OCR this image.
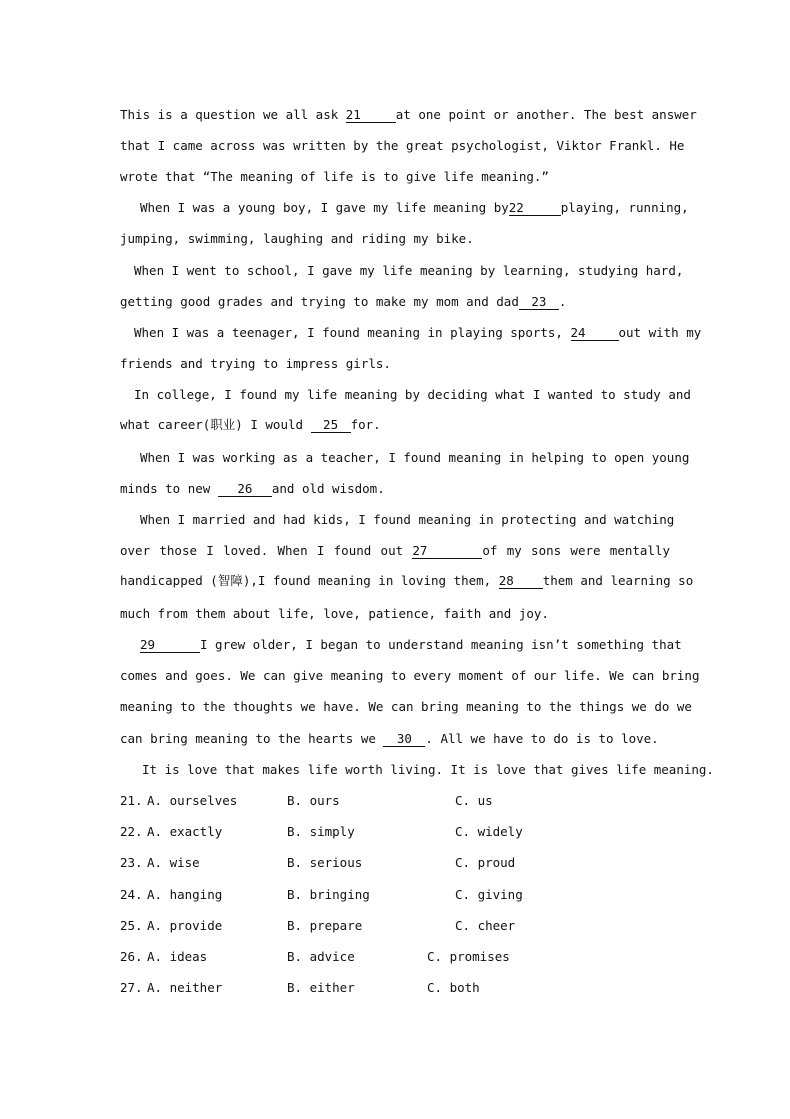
This is a question we all ask 21	at one point or another. The best answer
that I came across was written by the great psychologist, Viktor Frankl. He
wrote that “The meaning of life is to give life meaning.”
When I was a young boy, I gave my life meaning by22	playing, running,
jumping, swimming, laughing and riding my bike.
When I went to school, I gave my life meaning by learning, studying hard,
getting good grades and trying to make my mom and dad 23 .
When I was a teenager, I found meaning in playing sports, 24	out with my
friends and trying to impress girls.
In college, I found my life meaning by deciding what I wanted to study and
what career(职业) I would 25 for.
When I was working as a teacher, I found meaning in helping to open young
minds to new 26 and old wisdom.
When I married and had kids, I found meaning in protecting and watching
over those I loved. When I found out 27	of my sons were mentally
handicapped (智障),I found meaning in loving them, 28 them and learning so
much from them about life, love, patience, faith and joy.
29	I grew older, I began to understand meaning isn’t something that
comes and goes. We can give meaning to every moment of our life. We can bring
meaning to the thoughts we have. We can bring meaning to the things we do we
can bring meaning to the hearts we 30 . All we have to do is to love.
It is love that makes life worth living. It is love that gives life meaning.
21. A. ourselves	B. ours	C. us
22. A. exactly	B. simply	C. widely
23. A. wise	B. serious	C. proud
24. A. hanging	B. bringing	C. giving
25. A. provide	B. prepare	C. cheer
26. A. ideas	B. advice	C. promises
27. A. neither	B. either	C. both
